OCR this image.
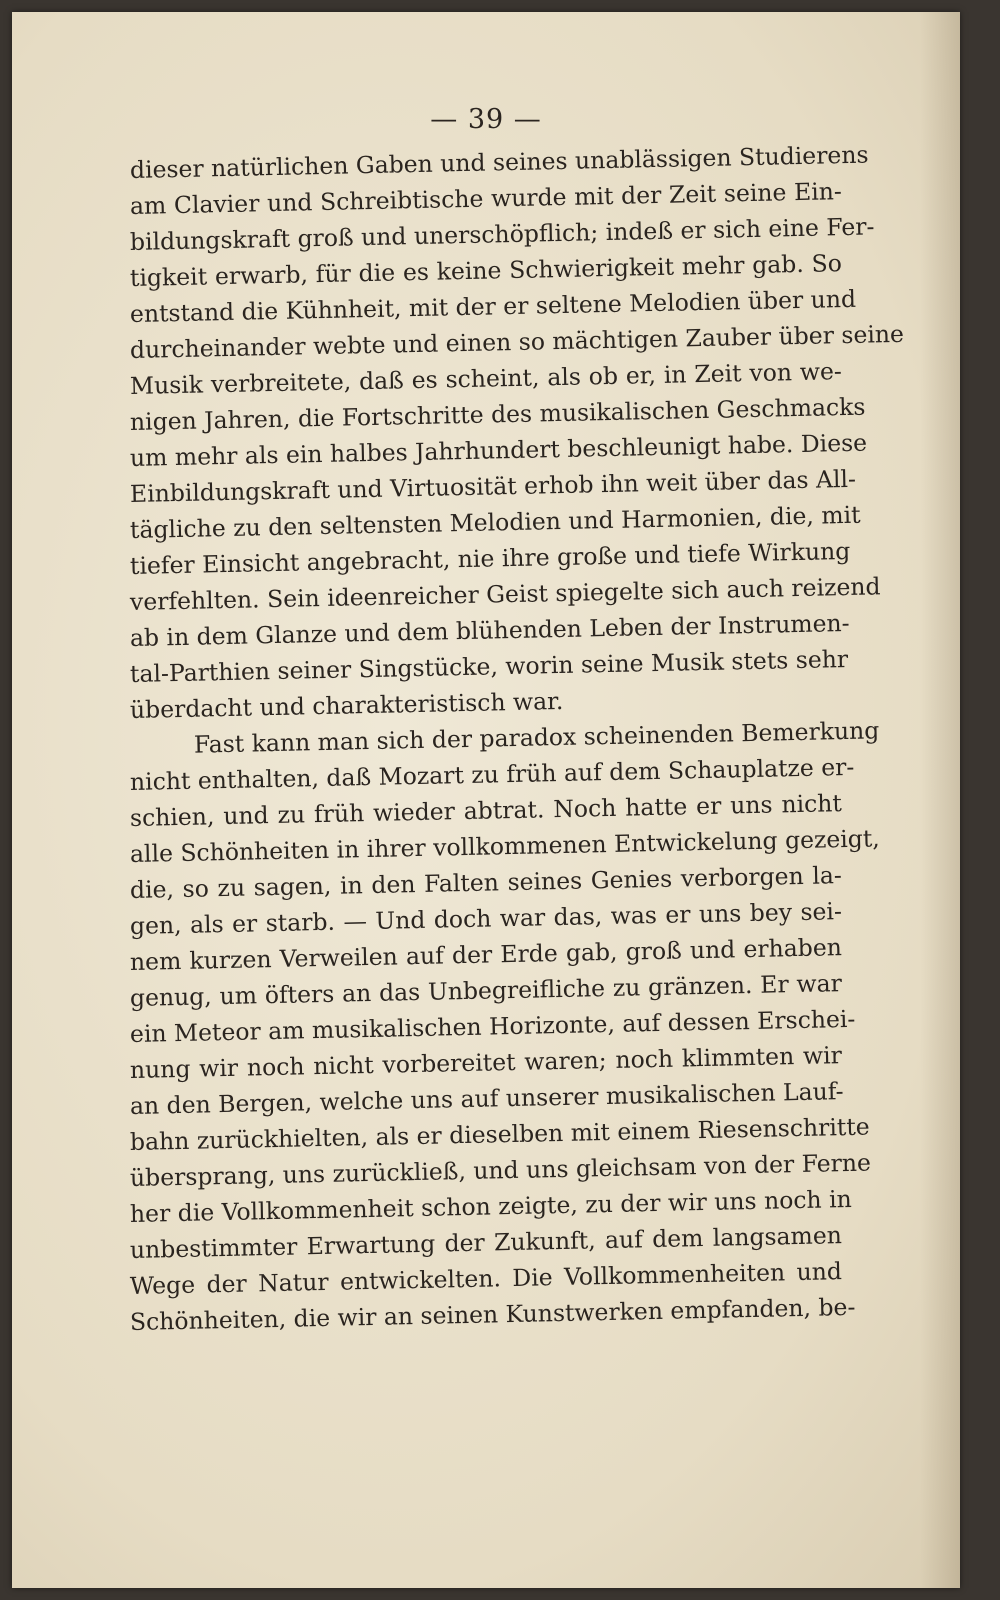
— 39 —
dieser natürlichen Gaben und seines unablässigen Studierens
am Clavier und Schreibtische wurde mit der Zeit seine Ein-
bildungskraft groß und unerschöpflich; indeß er sich eine Fer-
tigkeit erwarb, für die es keine Schwierigkeit mehr gab. So
entstand die Kühnheit, mit der er seltene Melodien über und
durcheinander webte und einen so mächtigen Zauber über seine
Musik verbreitete, daß es scheint, als ob er, in Zeit von we-
nigen Jahren, die Fortschritte des musikalischen Geschmacks
um mehr als ein halbes Jahrhundert beschleunigt habe. Diese
Einbildungskraft und Virtuosität erhob ihn weit über das All-
tägliche zu den seltensten Melodien und Harmonien, die, mit
tiefer Einsicht angebracht, nie ihre große und tiefe Wirkung
verfehlten. Sein ideenreicher Geist spiegelte sich auch reizend
ab in dem Glanze und dem blühenden Leben der Instrumen-
tal-Parthien seiner Singstücke, worin seine Musik stets sehr
überdacht und charakteristisch war.
Fast kann man sich der paradox scheinenden Bemerkung
nicht enthalten, daß Mozart zu früh auf dem Schauplatze er-
schien, und zu früh wieder abtrat. Noch hatte er uns nicht
alle Schönheiten in ihrer vollkommenen Entwickelung gezeigt,
die, so zu sagen, in den Falten seines Genies verborgen la-
gen, als er starb. — Und doch war das, was er uns bey sei-
nem kurzen Verweilen auf der Erde gab, groß und erhaben
genug, um öfters an das Unbegreifliche zu gränzen. Er war
ein Meteor am musikalischen Horizonte, auf dessen Erschei-
nung wir noch nicht vorbereitet waren; noch klimmten wir
an den Bergen, welche uns auf unserer musikalischen Lauf-
bahn zurückhielten, als er dieselben mit einem Riesenschritte
übersprang, uns zurückließ, und uns gleichsam von der Ferne
her die Vollkommenheit schon zeigte, zu der wir uns noch in
unbestimmter Erwartung der Zukunft, auf dem langsamen
Wege der Natur entwickelten. Die Vollkommenheiten und
Schönheiten, die wir an seinen Kunstwerken empfanden, be-
